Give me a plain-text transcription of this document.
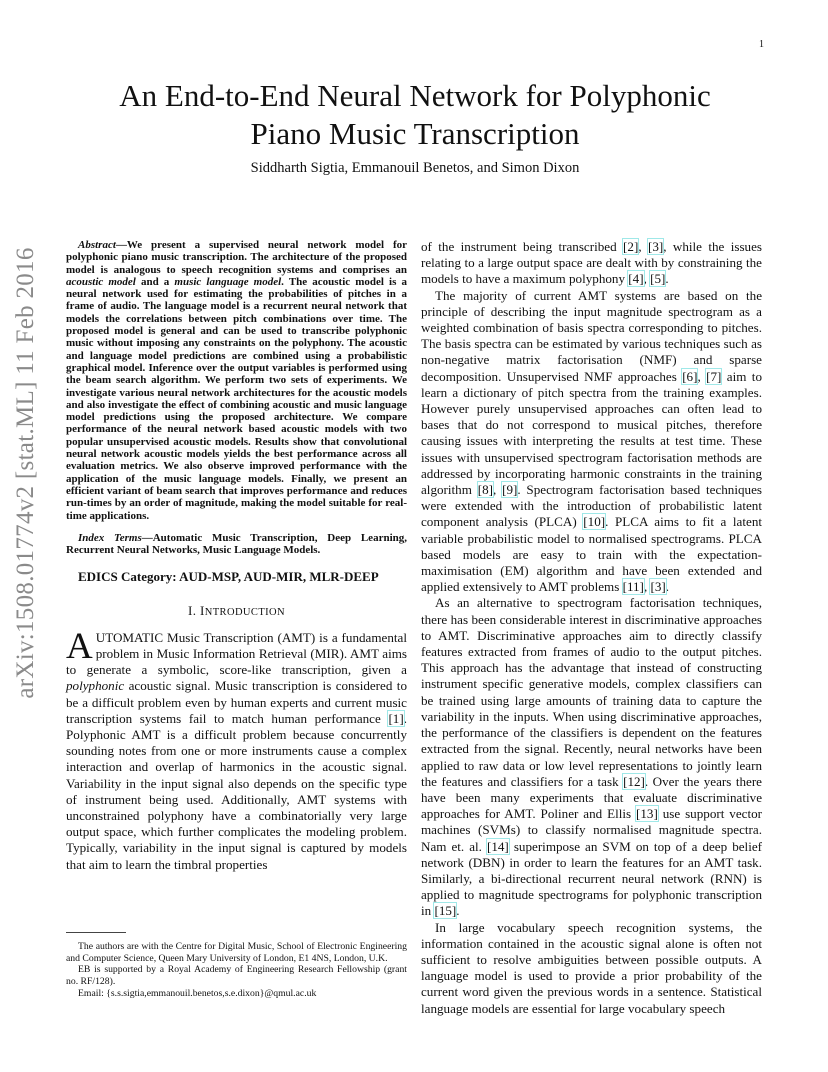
1
arXiv:1508.01774v2 [stat.ML] 11 Feb 2016
An End-to-End Neural Network for Polyphonic
Piano Music Transcription
Siddharth Sigtia, Emmanouil Benetos, and Simon Dixon

Abstract—We present a supervised neural network model for polyphonic piano music transcription. The architecture of the proposed model is analogous to speech recognition systems and comprises an acoustic model and a music language model. The acoustic model is a neural network used for estimating the probabilities of pitches in a frame of audio. The language model is a recurrent neural network that models the correlations between pitch combinations over time. The proposed model is general and can be used to transcribe polyphonic music without imposing any constraints on the polyphony. The acoustic and language model predictions are combined using a probabilistic graphical model. Inference over the output variables is performed using the beam search algorithm. We perform two sets of experiments. We investigate various neural network architectures for the acoustic models and also investigate the effect of combining acoustic and music language model predictions using the proposed architecture. We compare performance of the neural network based acoustic models with two popular unsupervised acoustic models. Results show that convolutional neural network acoustic models yields the best performance across all evaluation metrics. We also observe improved performance with the application of the music language models. Finally, we present an efficient variant of beam search that improves performance and reduces run-times by an order of magnitude, making the model suitable for real-time applications.

Index Terms—Automatic Music Transcription, Deep Learning, Recurrent Neural Networks, Music Language Models.

EDICS Category: AUD-MSP, AUD-MIR, MLR-DEEP

I. INTRODUCTION

AUTOMATIC Music Transcription (AMT) is a fundamental problem in Music Information Retrieval (MIR). AMT aims to generate a symbolic, score-like transcription, given a polyphonic acoustic signal. Music transcription is considered to be a difficult problem even by human experts and current music transcription systems fail to match human performance [1]. Polyphonic AMT is a difficult problem because concurrently sounding notes from one or more instruments cause a complex interaction and overlap of harmonics in the acoustic signal. Variability in the input signal also depends on the specific type of instrument being used. Additionally, AMT systems with unconstrained polyphony have a combinatorially very large output space, which further complicates the modeling problem. Typically, variability in the input signal is captured by models that aim to learn the timbral properties

The authors are with the Centre for Digital Music, School of Electronic Engineering and Computer Science, Queen Mary University of London, E1 4NS, London, U.K.

EB is supported by a Royal Academy of Engineering Research Fellowship (grant no. RF/128).

Email: {s.s.sigtia,emmanouil.benetos,s.e.dixon}@qmul.ac.uk

of the instrument being transcribed [2], [3], while the issues relating to a large output space are dealt with by constraining the models to have a maximum polyphony [4], [5].

The majority of current AMT systems are based on the principle of describing the input magnitude spectrogram as a weighted combination of basis spectra corresponding to pitches. The basis spectra can be estimated by various techniques such as non-negative matrix factorisation (NMF) and sparse decomposition. Unsupervised NMF approaches [6], [7] aim to learn a dictionary of pitch spectra from the training examples. However purely unsupervised approaches can often lead to bases that do not correspond to musical pitches, therefore causing issues with interpreting the results at test time. These issues with unsupervised spectrogram factorisation methods are addressed by incorporating harmonic constraints in the training algorithm [8], [9]. Spectrogram factorisation based techniques were extended with the introduction of probabilistic latent component analysis (PLCA) [10]. PLCA aims to fit a latent variable probabilistic model to normalised spectrograms. PLCA based models are easy to train with the expectation-maximisation (EM) algorithm and have been extended and applied extensively to AMT problems [11], [3].

As an alternative to spectrogram factorisation techniques, there has been considerable interest in discriminative approaches to AMT. Discriminative approaches aim to directly classify features extracted from frames of audio to the output pitches. This approach has the advantage that instead of constructing instrument specific generative models, complex classifiers can be trained using large amounts of training data to capture the variability in the inputs. When using discriminative approaches, the performance of the classifiers is dependent on the features extracted from the signal. Recently, neural networks have been applied to raw data or low level representations to jointly learn the features and classifiers for a task [12]. Over the years there have been many experiments that evaluate discriminative approaches for AMT. Poliner and Ellis [13] use support vector machines (SVMs) to classify normalised magnitude spectra. Nam et. al. [14] superimpose an SVM on top of a deep belief network (DBN) in order to learn the features for an AMT task. Similarly, a bi-directional recurrent neural network (RNN) is applied to magnitude spectrograms for polyphonic transcription in [15].

In large vocabulary speech recognition systems, the information contained in the acoustic signal alone is often not sufficient to resolve ambiguities between possible outputs. A language model is used to provide a prior probability of the current word given the previous words in a sentence. Statistical language models are essential for large vocabulary speech
